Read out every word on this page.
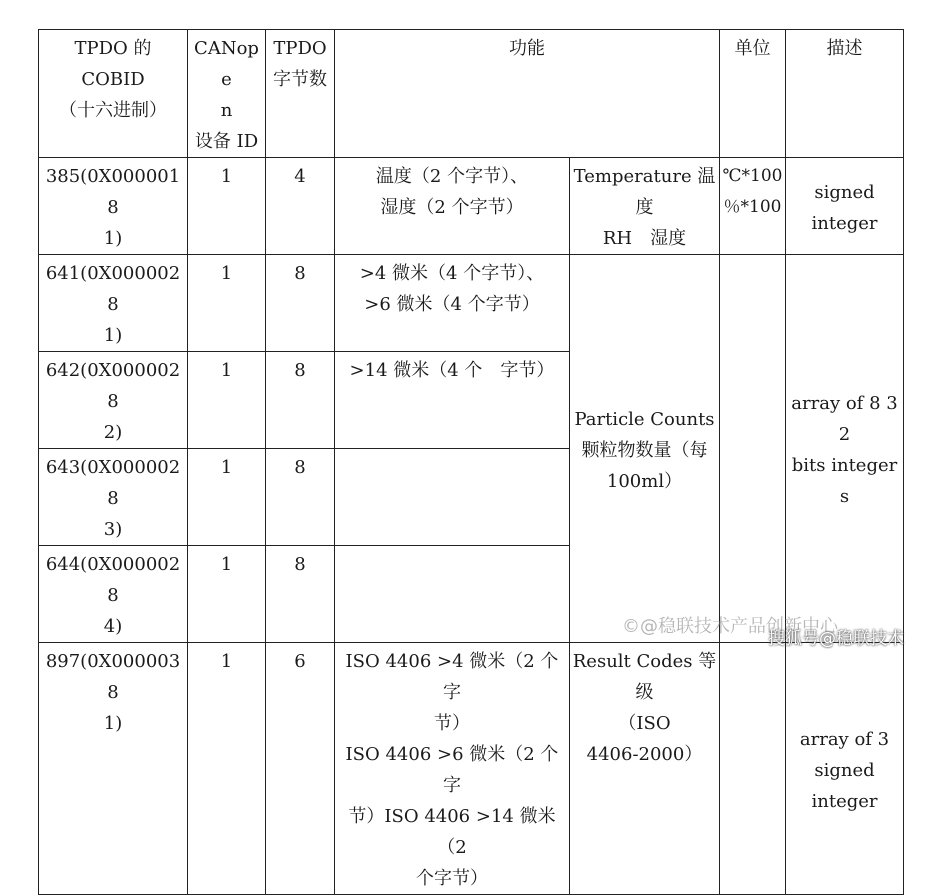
TPDO 的
COBID
（十六进制）	CANope
n
设备 ID	TPDO
字节数	功能		单位	描述

385(0X0000018
1)	1	4	温度（2 个字节）、
湿度（2 个字节）	Temperature 温
度
RH　湿度	℃*100
％*100	signed
integer

641(0X0000028
1)	1	8	>4 微米（4 个字节）、
>6 微米（4 个字节）	Particle Counts
颗粒物数量（每
100ml）		array of 8 32
bits integers

642(0X0000028
2)	1	8	>14 微米（4 个　字节）			

643(0X0000028
3)	1	8				

644(0X0000028
4)	1	8				

897(0X0000038
1)	1	6	ISO 4406 >4 微米（2 个字
节）
ISO 4406 >6 微米（2 个字
节）ISO 4406 >14 微米（2
个字节）	Result Codes 等
级
（ISO
4406-2000）		array of 3
signed
integer
©@稳联技术产品创新中心
搜狐号@稳联技术
